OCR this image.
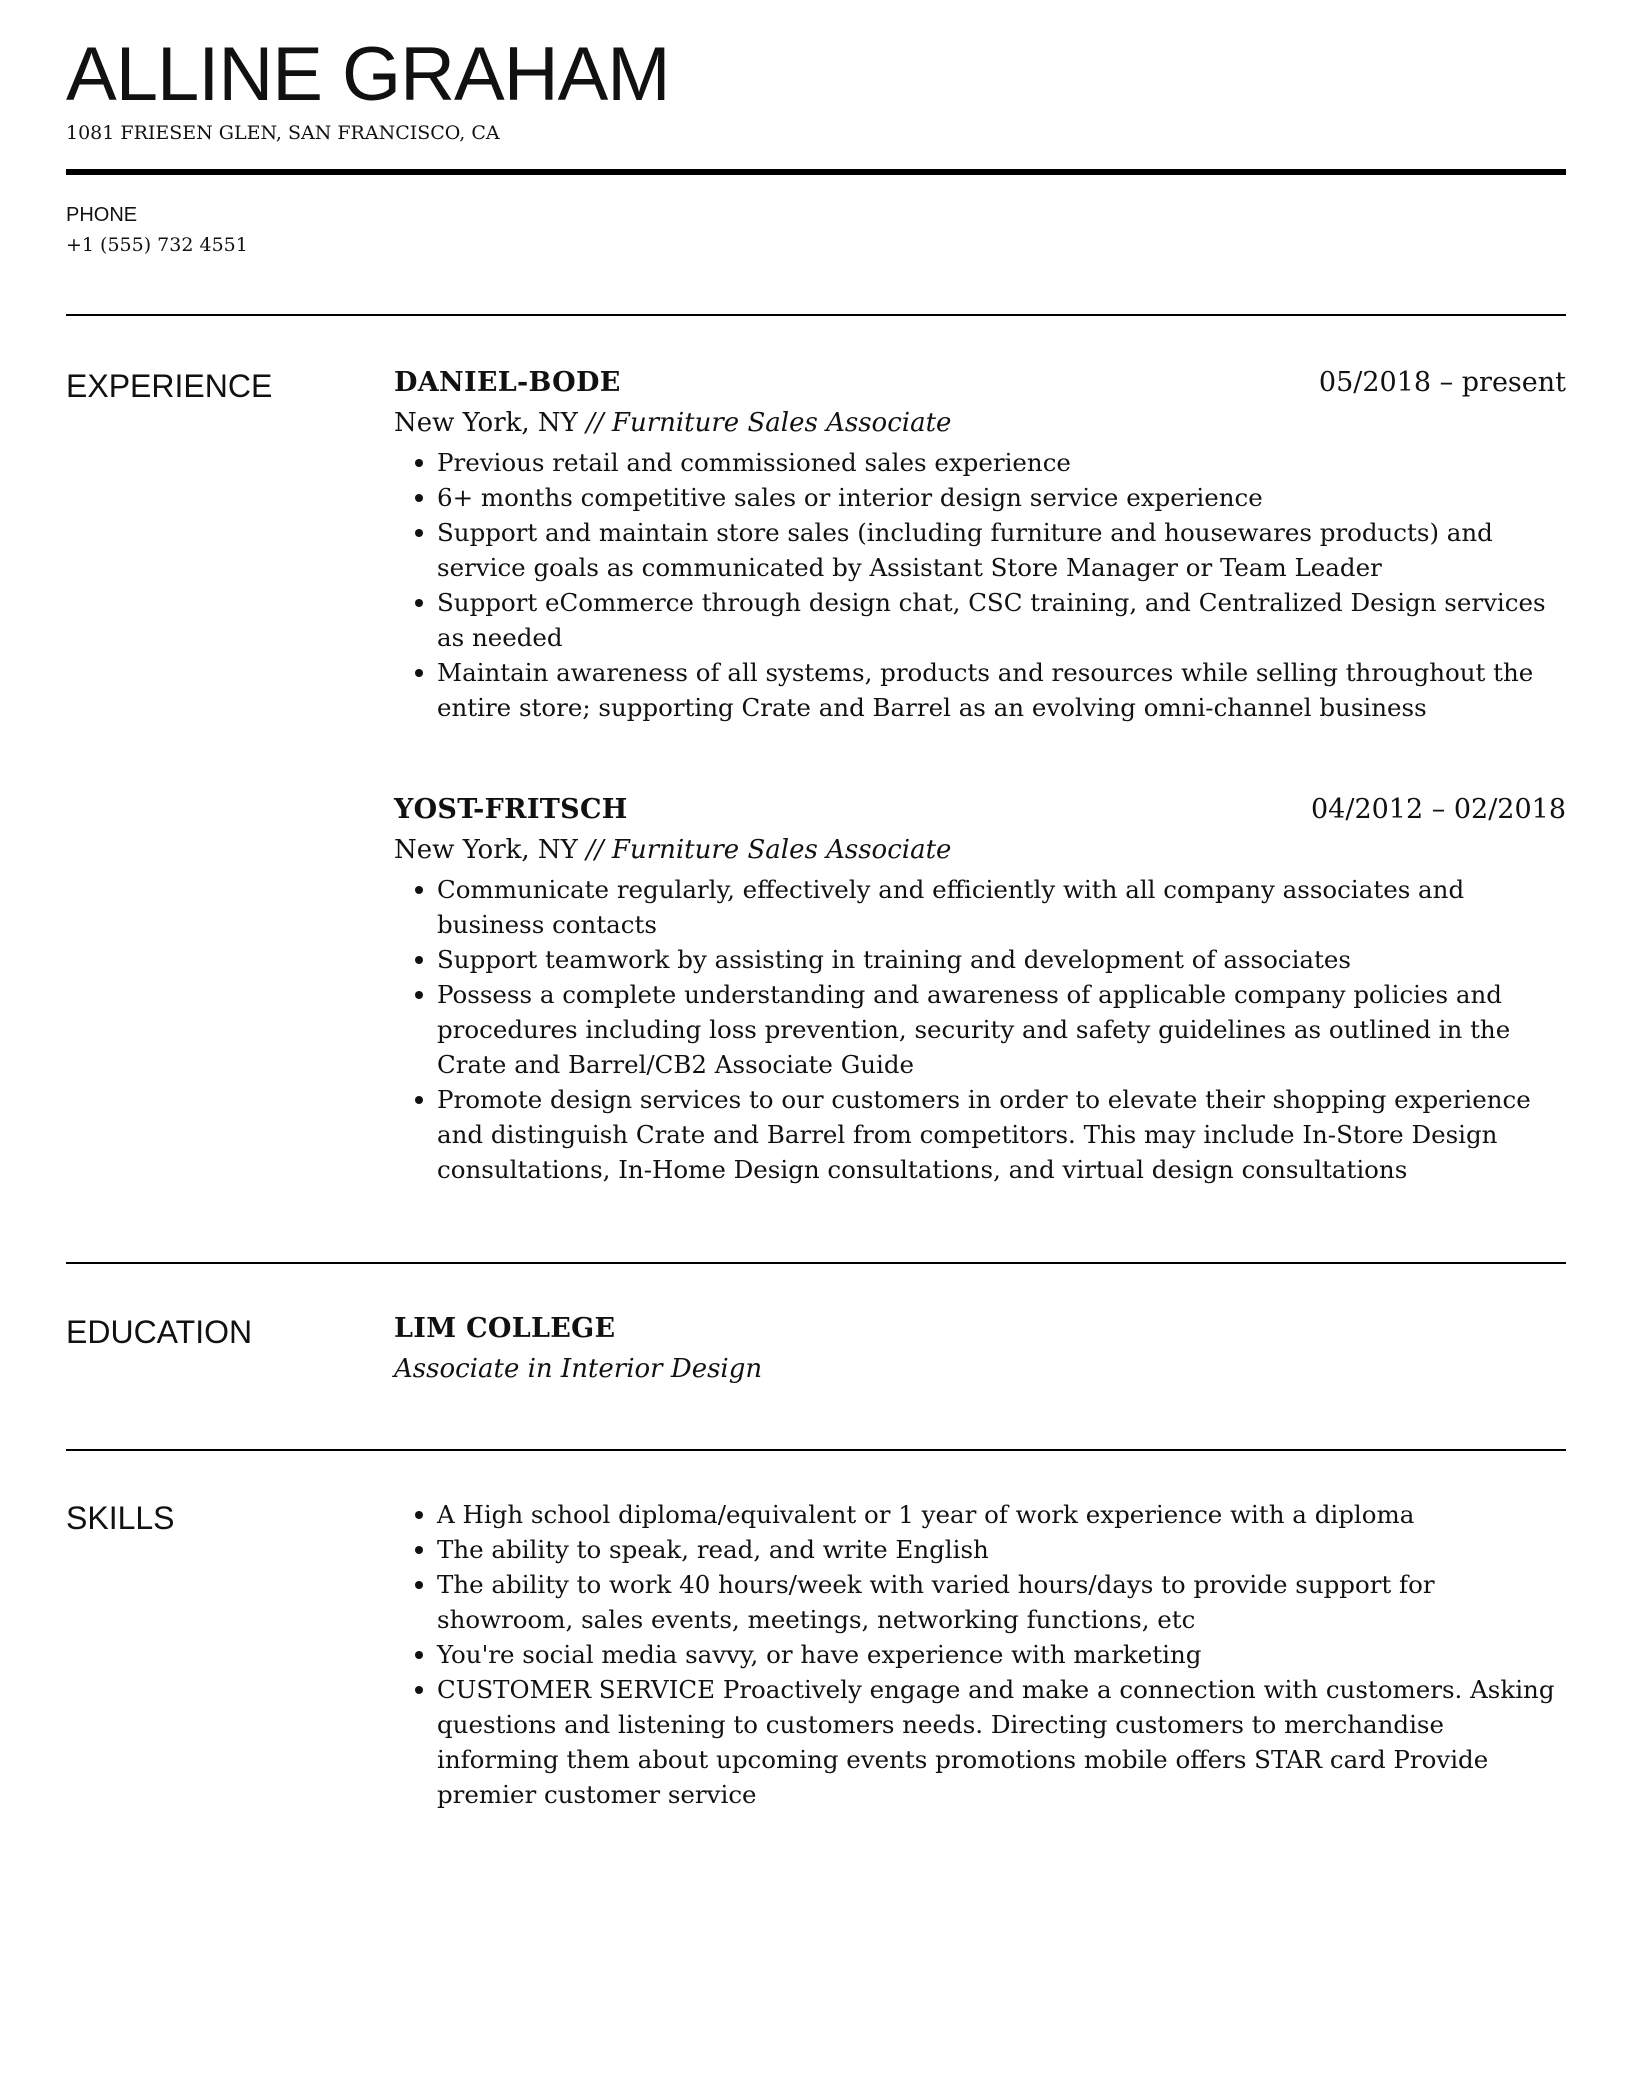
ALLINE GRAHAM
1081 FRIESEN GLEN, SAN FRANCISCO, CA
PHONE
+1 (555) 732 4551
EXPERIENCE	DANIEL-BODE	05/2018 – present
New York, NY // Furniture Sales Associate
Previous retail and commissioned sales experience
6+ months competitive sales or interior design service experience
Support and maintain store sales (including furniture and housewares products) and service goals as communicated by Assistant Store Manager or Team Leader
Support eCommerce through design chat, CSC training, and Centralized Design services as needed
Maintain awareness of all systems, products and resources while selling throughout the entire store; supporting Crate and Barrel as an evolving omni-channel business
YOST-FRITSCH	04/2012 – 02/2018
New York, NY // Furniture Sales Associate
Communicate regularly, effectively and efficiently with all company associates and business contacts
Support teamwork by assisting in training and development of associates
Possess a complete understanding and awareness of applicable company policies and procedures including loss prevention, security and safety guidelines as outlined in the Crate and Barrel/CB2 Associate Guide
Promote design services to our customers in order to elevate their shopping experience and distinguish Crate and Barrel from competitors. This may include In-Store Design consultations, In-Home Design consultations, and virtual design consultations
EDUCATION	LIM COLLEGE
Associate in Interior Design
SKILLS	A High school diploma/equivalent or 1 year of work experience with a diploma
The ability to speak, read, and write English
The ability to work 40 hours/week with varied hours/days to provide support for showroom, sales events, meetings, networking functions, etc
You're social media savvy, or have experience with marketing
CUSTOMER SERVICE Proactively engage and make a connection with customers. Asking questions and listening to customers needs. Directing customers to merchandise informing them about upcoming events promotions mobile offers STAR card Provide premier customer service
